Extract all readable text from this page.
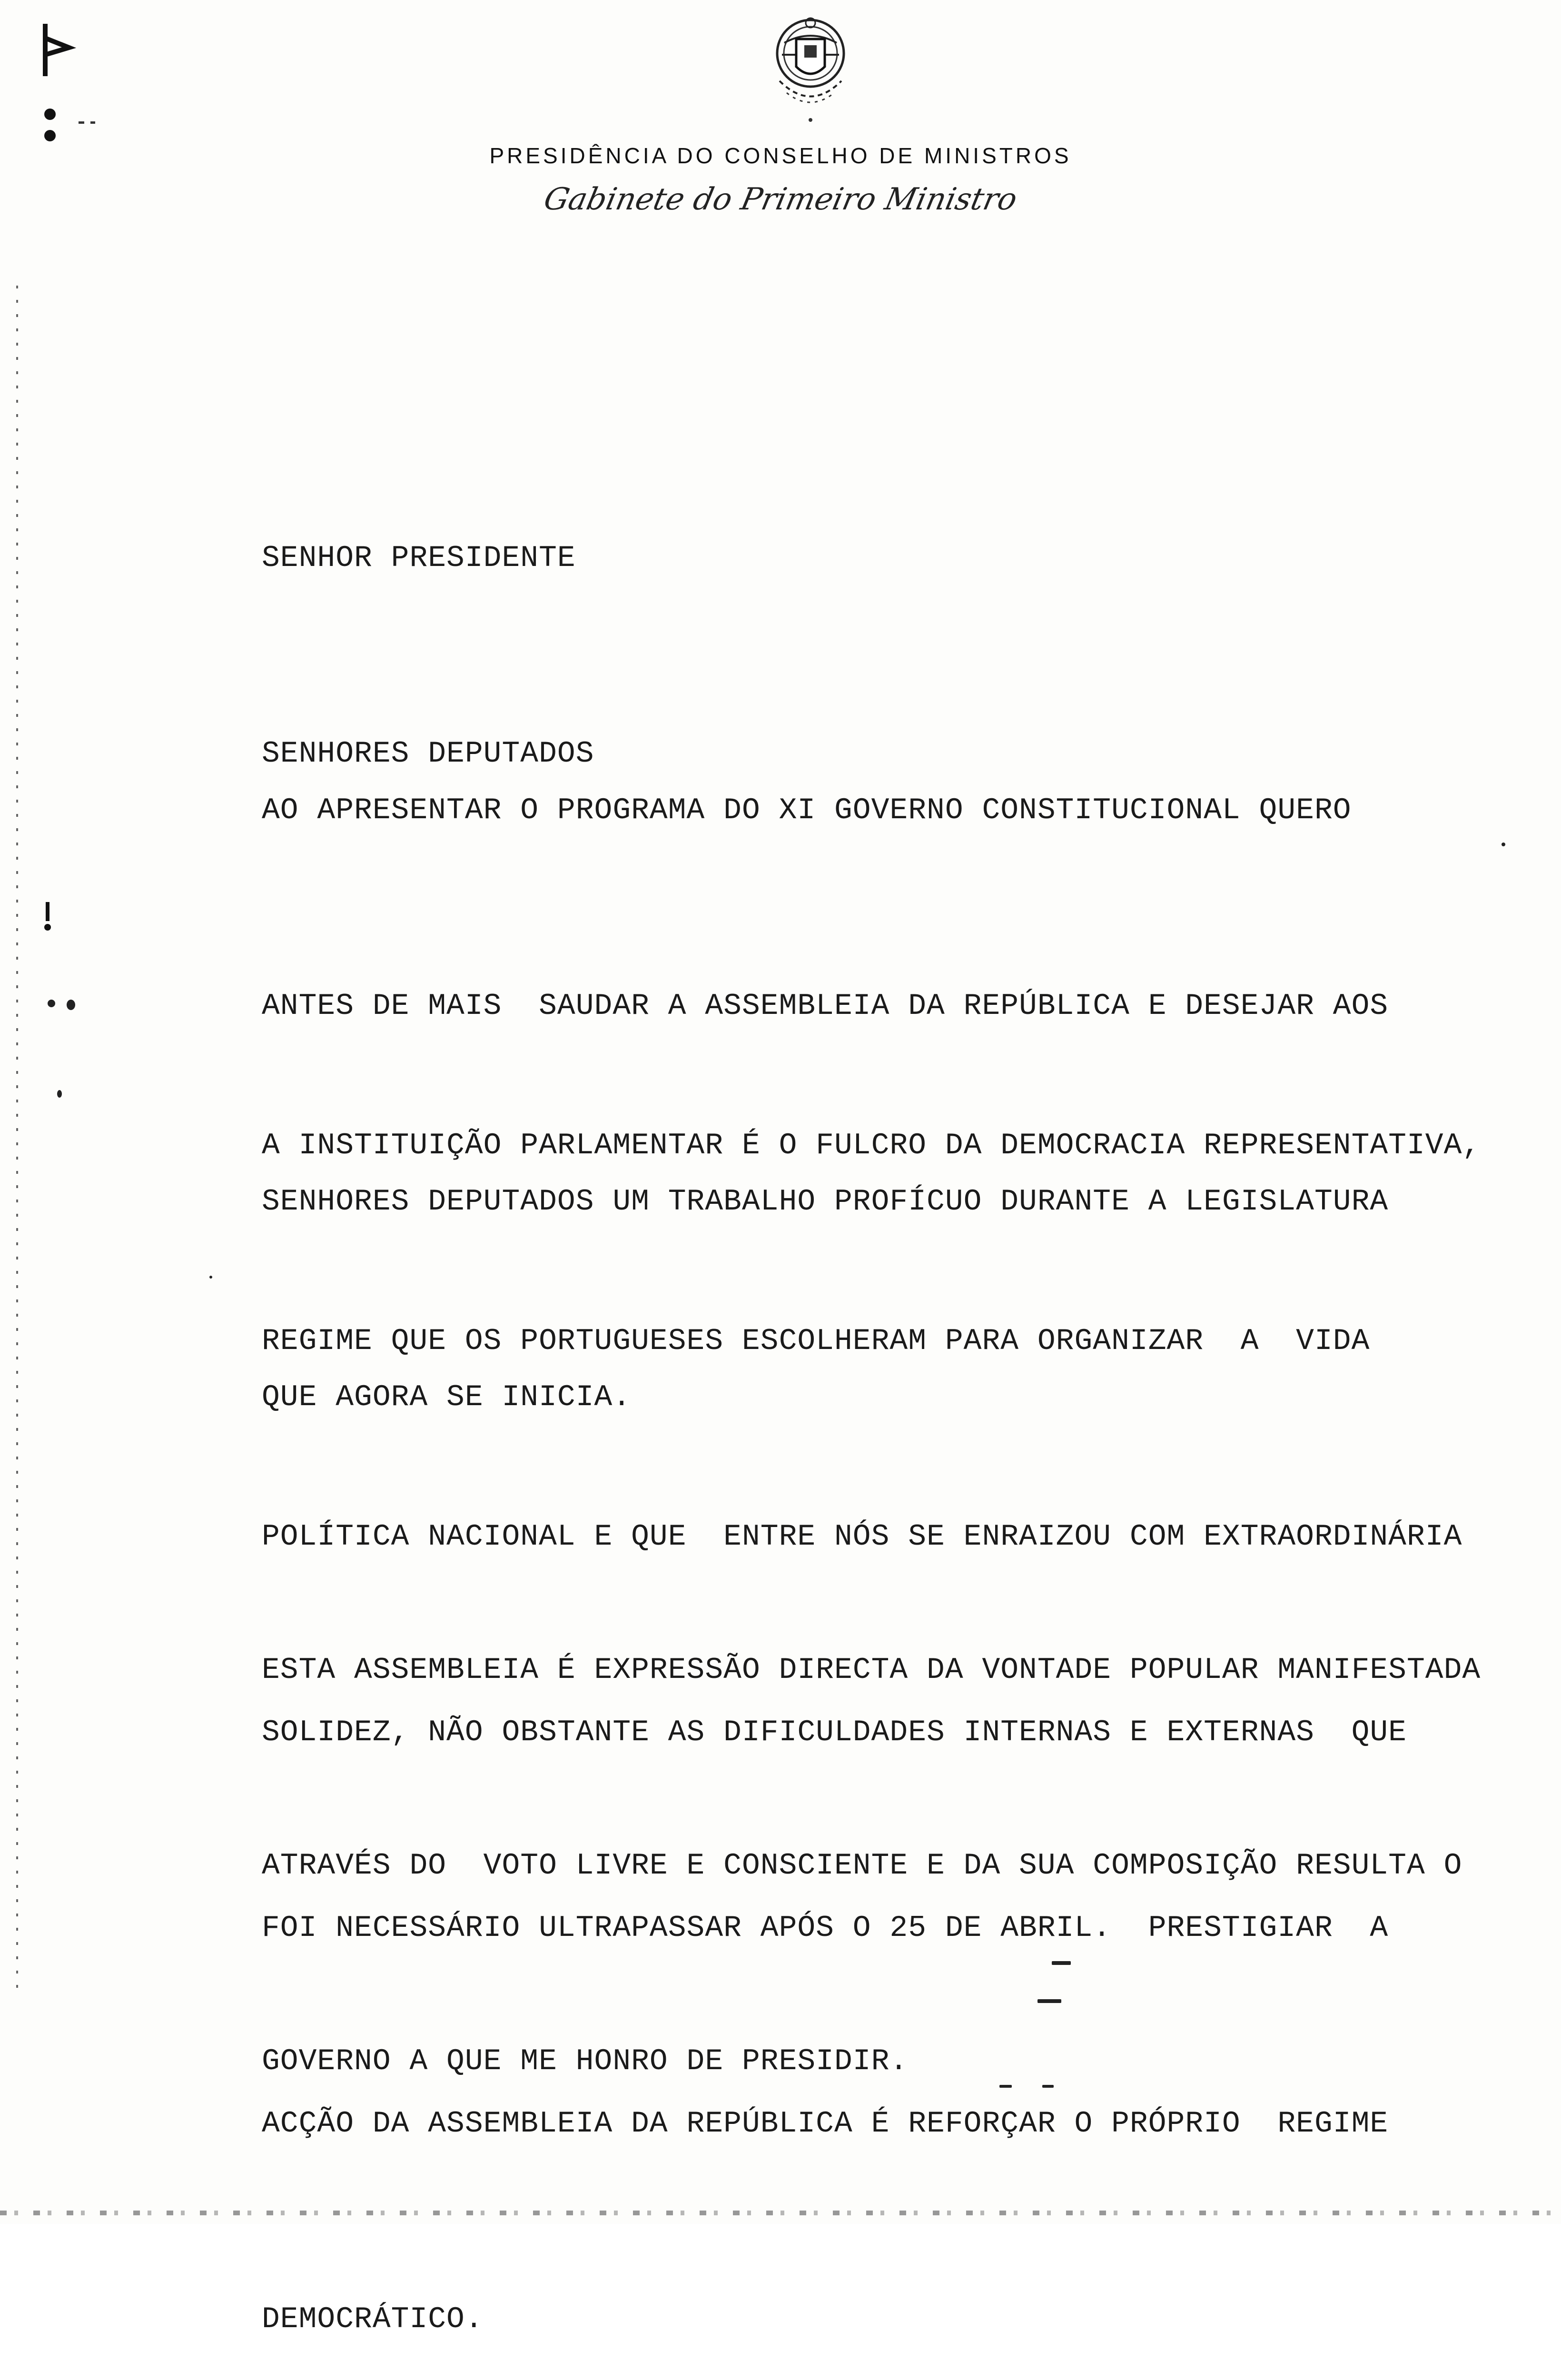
PRESIDÊNCIA DO CONSELHO DE MINISTROS
Gabinete do Primeiro Ministro

SENHOR PRESIDENTE

SENHORES DEPUTADOS

AO APRESENTAR O PROGRAMA DO XI GOVERNO CONSTITUCIONAL QUERO

ANTES DE MAIS  SAUDAR A ASSEMBLEIA DA REPÚBLICA E DESEJAR AOS

SENHORES DEPUTADOS UM TRABALHO PROFÍCUO DURANTE A LEGISLATURA

QUE AGORA SE INICIA.

A INSTITUIÇÃO PARLAMENTAR É O FULCRO DA DEMOCRACIA REPRESENTATIVA,

REGIME QUE OS PORTUGUESES ESCOLHERAM PARA ORGANIZAR  A  VIDA

POLÍTICA NACIONAL E QUE  ENTRE NÓS SE ENRAIZOU COM EXTRAORDINÁRIA

SOLIDEZ, NÃO OBSTANTE AS DIFICULDADES INTERNAS E EXTERNAS  QUE

FOI NECESSÁRIO ULTRAPASSAR APÓS O 25 DE ABRIL.  PRESTIGIAR  A

ACÇÃO DA ASSEMBLEIA DA REPÚBLICA É REFORÇAR O PRÓPRIO  REGIME

DEMOCRÁTICO.

ESTA ASSEMBLEIA É EXPRESSÃO DIRECTA DA VONTADE POPULAR MANIFESTADA

ATRAVÉS DO  VOTO LIVRE E CONSCIENTE E DA SUA COMPOSIÇÃO RESULTA O

GOVERNO A QUE ME HONRO DE PRESIDIR.
